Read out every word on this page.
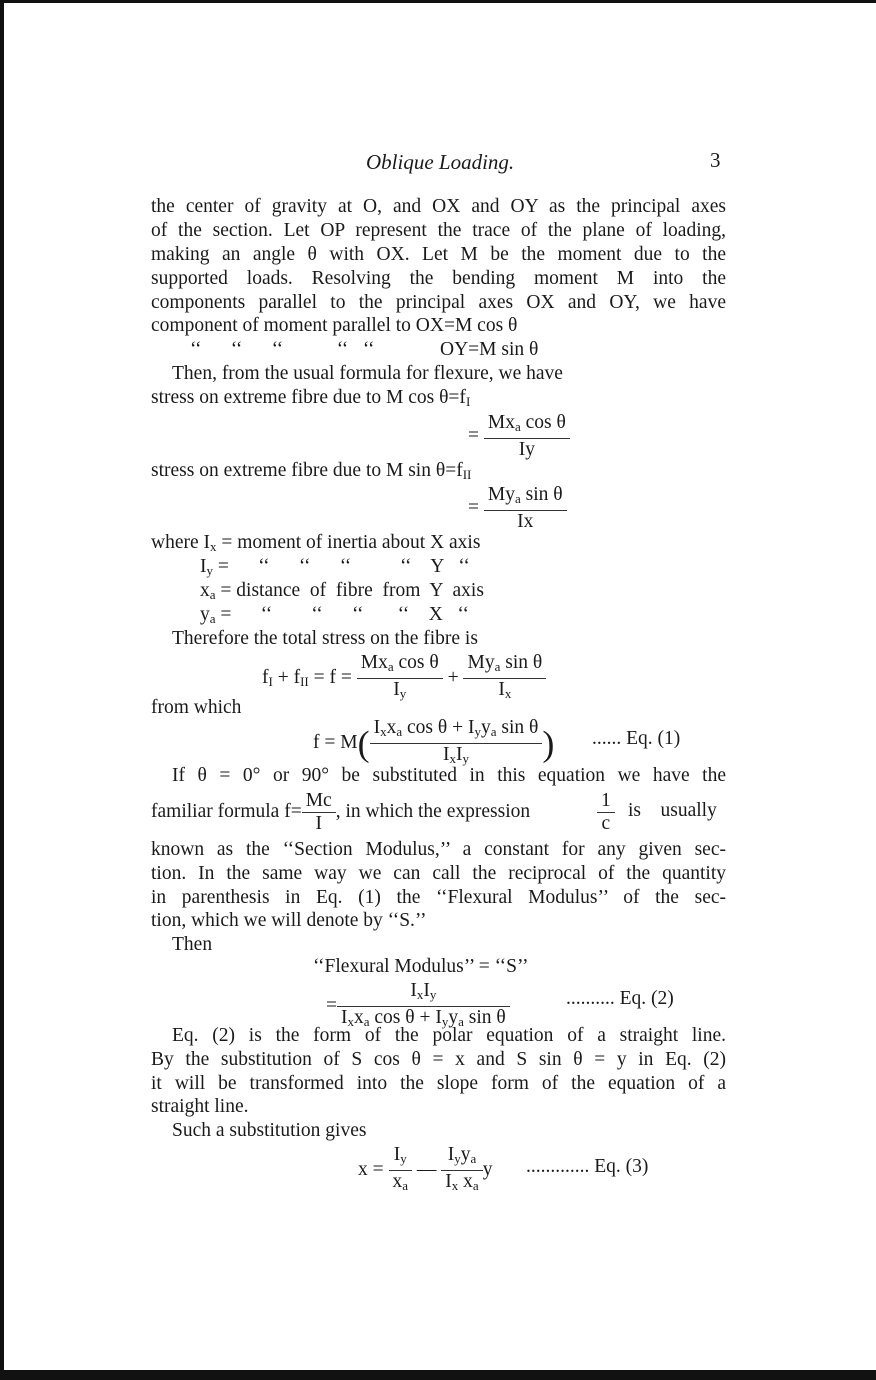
Oblique Loading.	3
the center of gravity at O, and OX and OY as the principal axes
of the section. Let OP represent the trace of the plane of loading,
making an angle θ with OX. Let M be the moment due to the
supported loads. Resolving the bending moment M into the
components parallel to the principal axes OX and OY, we have
component of moment parallel to OX=M cos θ
‘‘      ‘‘      ‘‘           ‘‘   ‘‘	OY=M sin θ
Then, from the usual formula for flexure, we have
stress on extreme fibre due to M $\cos \theta=f_I$
=
$Mx_a$ cos θ
Iy
stress on extreme fibre due to M $\sin \theta=f_{II}$
=
$My_a$ sin θ
Ix
where $I_x$ = moment of inertia about X axis
$I_y$ =      ‘‘      ‘‘      ‘‘          ‘‘    Y   ‘‘
$x_a$ = distance  of  fibre  from  Y  axis
$y_a$ =      ‘‘        ‘‘      ‘‘       ‘‘    X   ‘‘
Therefore the total stress on the fibre is
$f_I + f_{II} = f$ =
$Mx_a$ cos θ
$I_y$
+
$My_a$ sin θ
$I_x$
from which
f = M( $I_xx_a$ $\cos \theta + I_yy_a$ sin θ
$I_xI_y$	) ...... Eq. (1)
If θ = 0° or 90° be substituted in this equation we have the
familiar formula $f= \frac{Mc}{I}$ , in which the expression	$\frac{1}{c}$ is    usually
known as the ‘‘Section Modulus,’’ a constant for any given sec-
tion. In the same way we can call the reciprocal of the quantity
in parenthesis in Eq. (1) the ‘‘Flexural Modulus’’ of the sec-
tion, which we will denote by ‘‘S.’’
Then
‘‘Flexural Modulus’’ = ‘‘S’’
=
$I_xI_y$
$I_xx_a$ $\cos \theta + I_yy_a$ sin θ
.......... Eq. (2)
Eq. (2) is the form of the polar equation of a straight line.
By the substitution of S cos θ = x and S sin θ = y in Eq. (2)
it will be transformed into the slope form of the equation of a
straight line.
Such a substitution gives
$x = \frac{I_y}{x_a}$ —
$I_yy_a$
$I_x$ $x_a$
y ............. Eq. (3)
